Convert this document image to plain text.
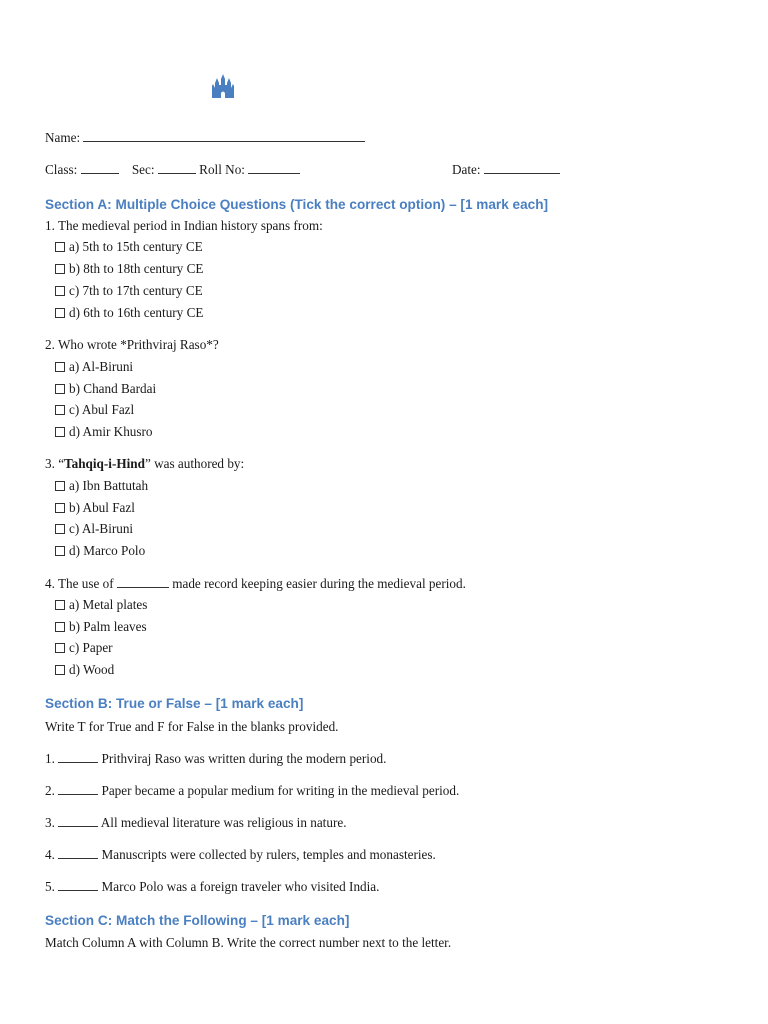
Name:
Class:	Sec:	Roll No:	Date:
Section A: Multiple Choice Questions (Tick the correct option) – [1 mark each]
1. The medieval period in Indian history spans from:
a) 5th to 15th century CE
b) 8th to 18th century CE
c) 7th to 17th century CE
d) 6th to 16th century CE
2. Who wrote *Prithviraj Raso*?
a) Al-Biruni
b) Chand Bardai
c) Abul Fazl
d) Amir Khusro
3. “Tahqiq-i-Hind” was authored by:
a) Ibn Battutah
b) Abul Fazl
c) Al-Biruni
d) Marco Polo
4. The use of	made record keeping easier during the medieval period.
a) Metal plates
b) Palm leaves
c) Paper
d) Wood
Section B: True or False – [1 mark each]
Write T for True and F for False in the blanks provided.
1.	Prithviraj Raso was written during the modern period.
2.	Paper became a popular medium for writing in the medieval period.
3.	All medieval literature was religious in nature.
4.	Manuscripts were collected by rulers, temples and monasteries.
5.	Marco Polo was a foreign traveler who visited India.
Section C: Match the Following – [1 mark each]
Match Column A with Column B. Write the correct number next to the letter.
